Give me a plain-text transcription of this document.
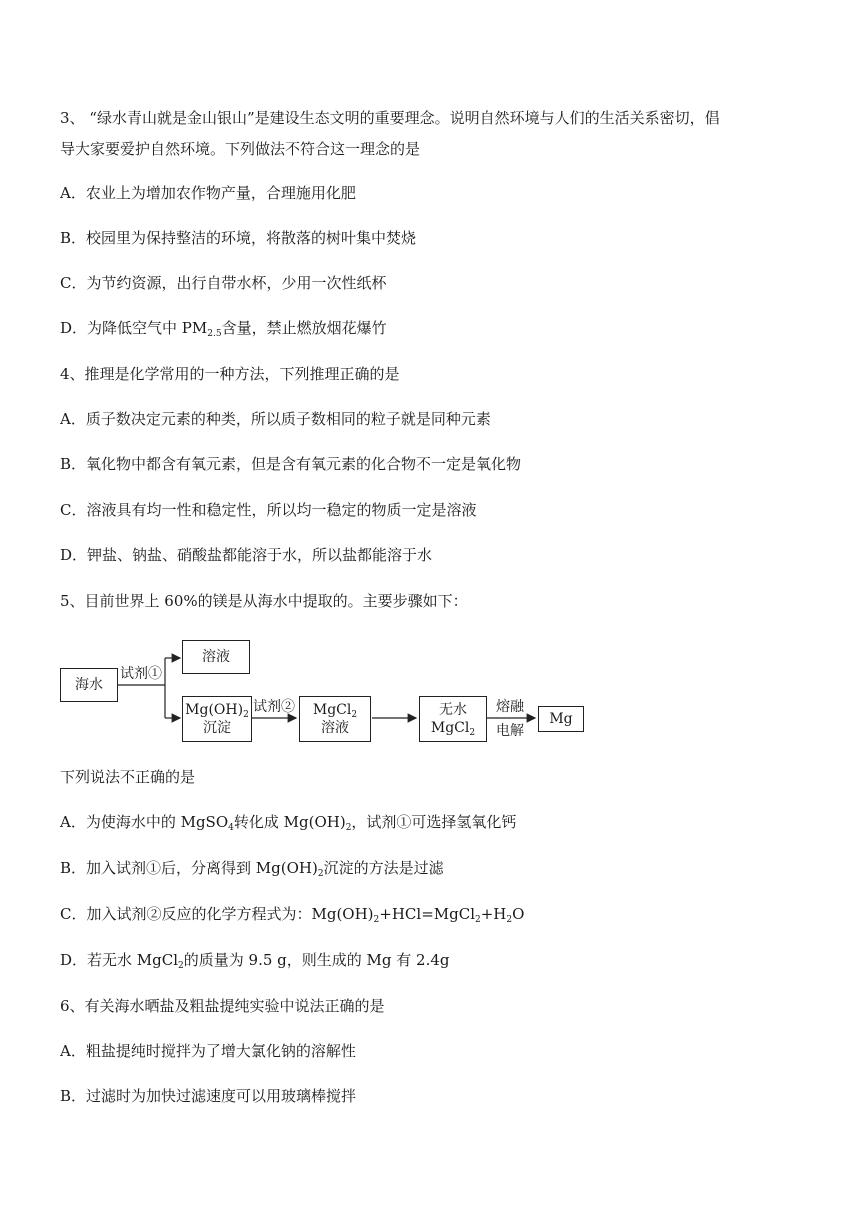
3、 “绿水青山就是金山银山”是建设生态文明的重要理念。说明自然环境与人们的生活关系密切，倡
导大家要爱护自然环境。下列做法不符合这一理念的是
A．农业上为增加农作物产量，合理施用化肥
B．校园里为保持整洁的环境，将散落的树叶集中焚烧
C．为节约资源，出行自带水杯，少用一次性纸杯
D．为降低空气中 $PM_{2.5}$含量，禁止燃放烟花爆竹
4、推理是化学常用的一种方法，下列推理正确的是
A．质子数决定元素的种类，所以质子数相同的粒子就是同种元素
B．氧化物中都含有氧元素，但是含有氧元素的化合物不一定是氧化物
C．溶液具有均一性和稳定性，所以均一稳定的物质一定是溶液
D．钾盐、钠盐、硝酸盐都能溶于水，所以盐都能溶于水
5、目前世界上 60%的镁是从海水中提取的。主要步骤如下：
海水
试剂①
溶液
$Mg(OH)_2$
沉淀
试剂② MgCl$_2$
溶液
无水
MgCl$_2$
熔融
电解
Mg
下列说法不正确的是
A．为使海水中的 MgSO$_4$转化成 $Mg(OH)_2$，试剂①可选择氢氧化钙
B．加入试剂①后，分离得到 $Mg(OH)_2$沉淀的方法是过滤
C．加入试剂②反应的化学方程式为：$Mg(OH)_2+HCl=MgCl_2+H_2O$
D．若无水 MgCl$_2$的质量为 9.5 g，则生成的 Mg 有 2.4g
6、有关海水晒盐及粗盐提纯实验中说法正确的是
A．粗盐提纯时搅拌为了增大氯化钠的溶解性
B．过滤时为加快过滤速度可以用玻璃棒搅拌
